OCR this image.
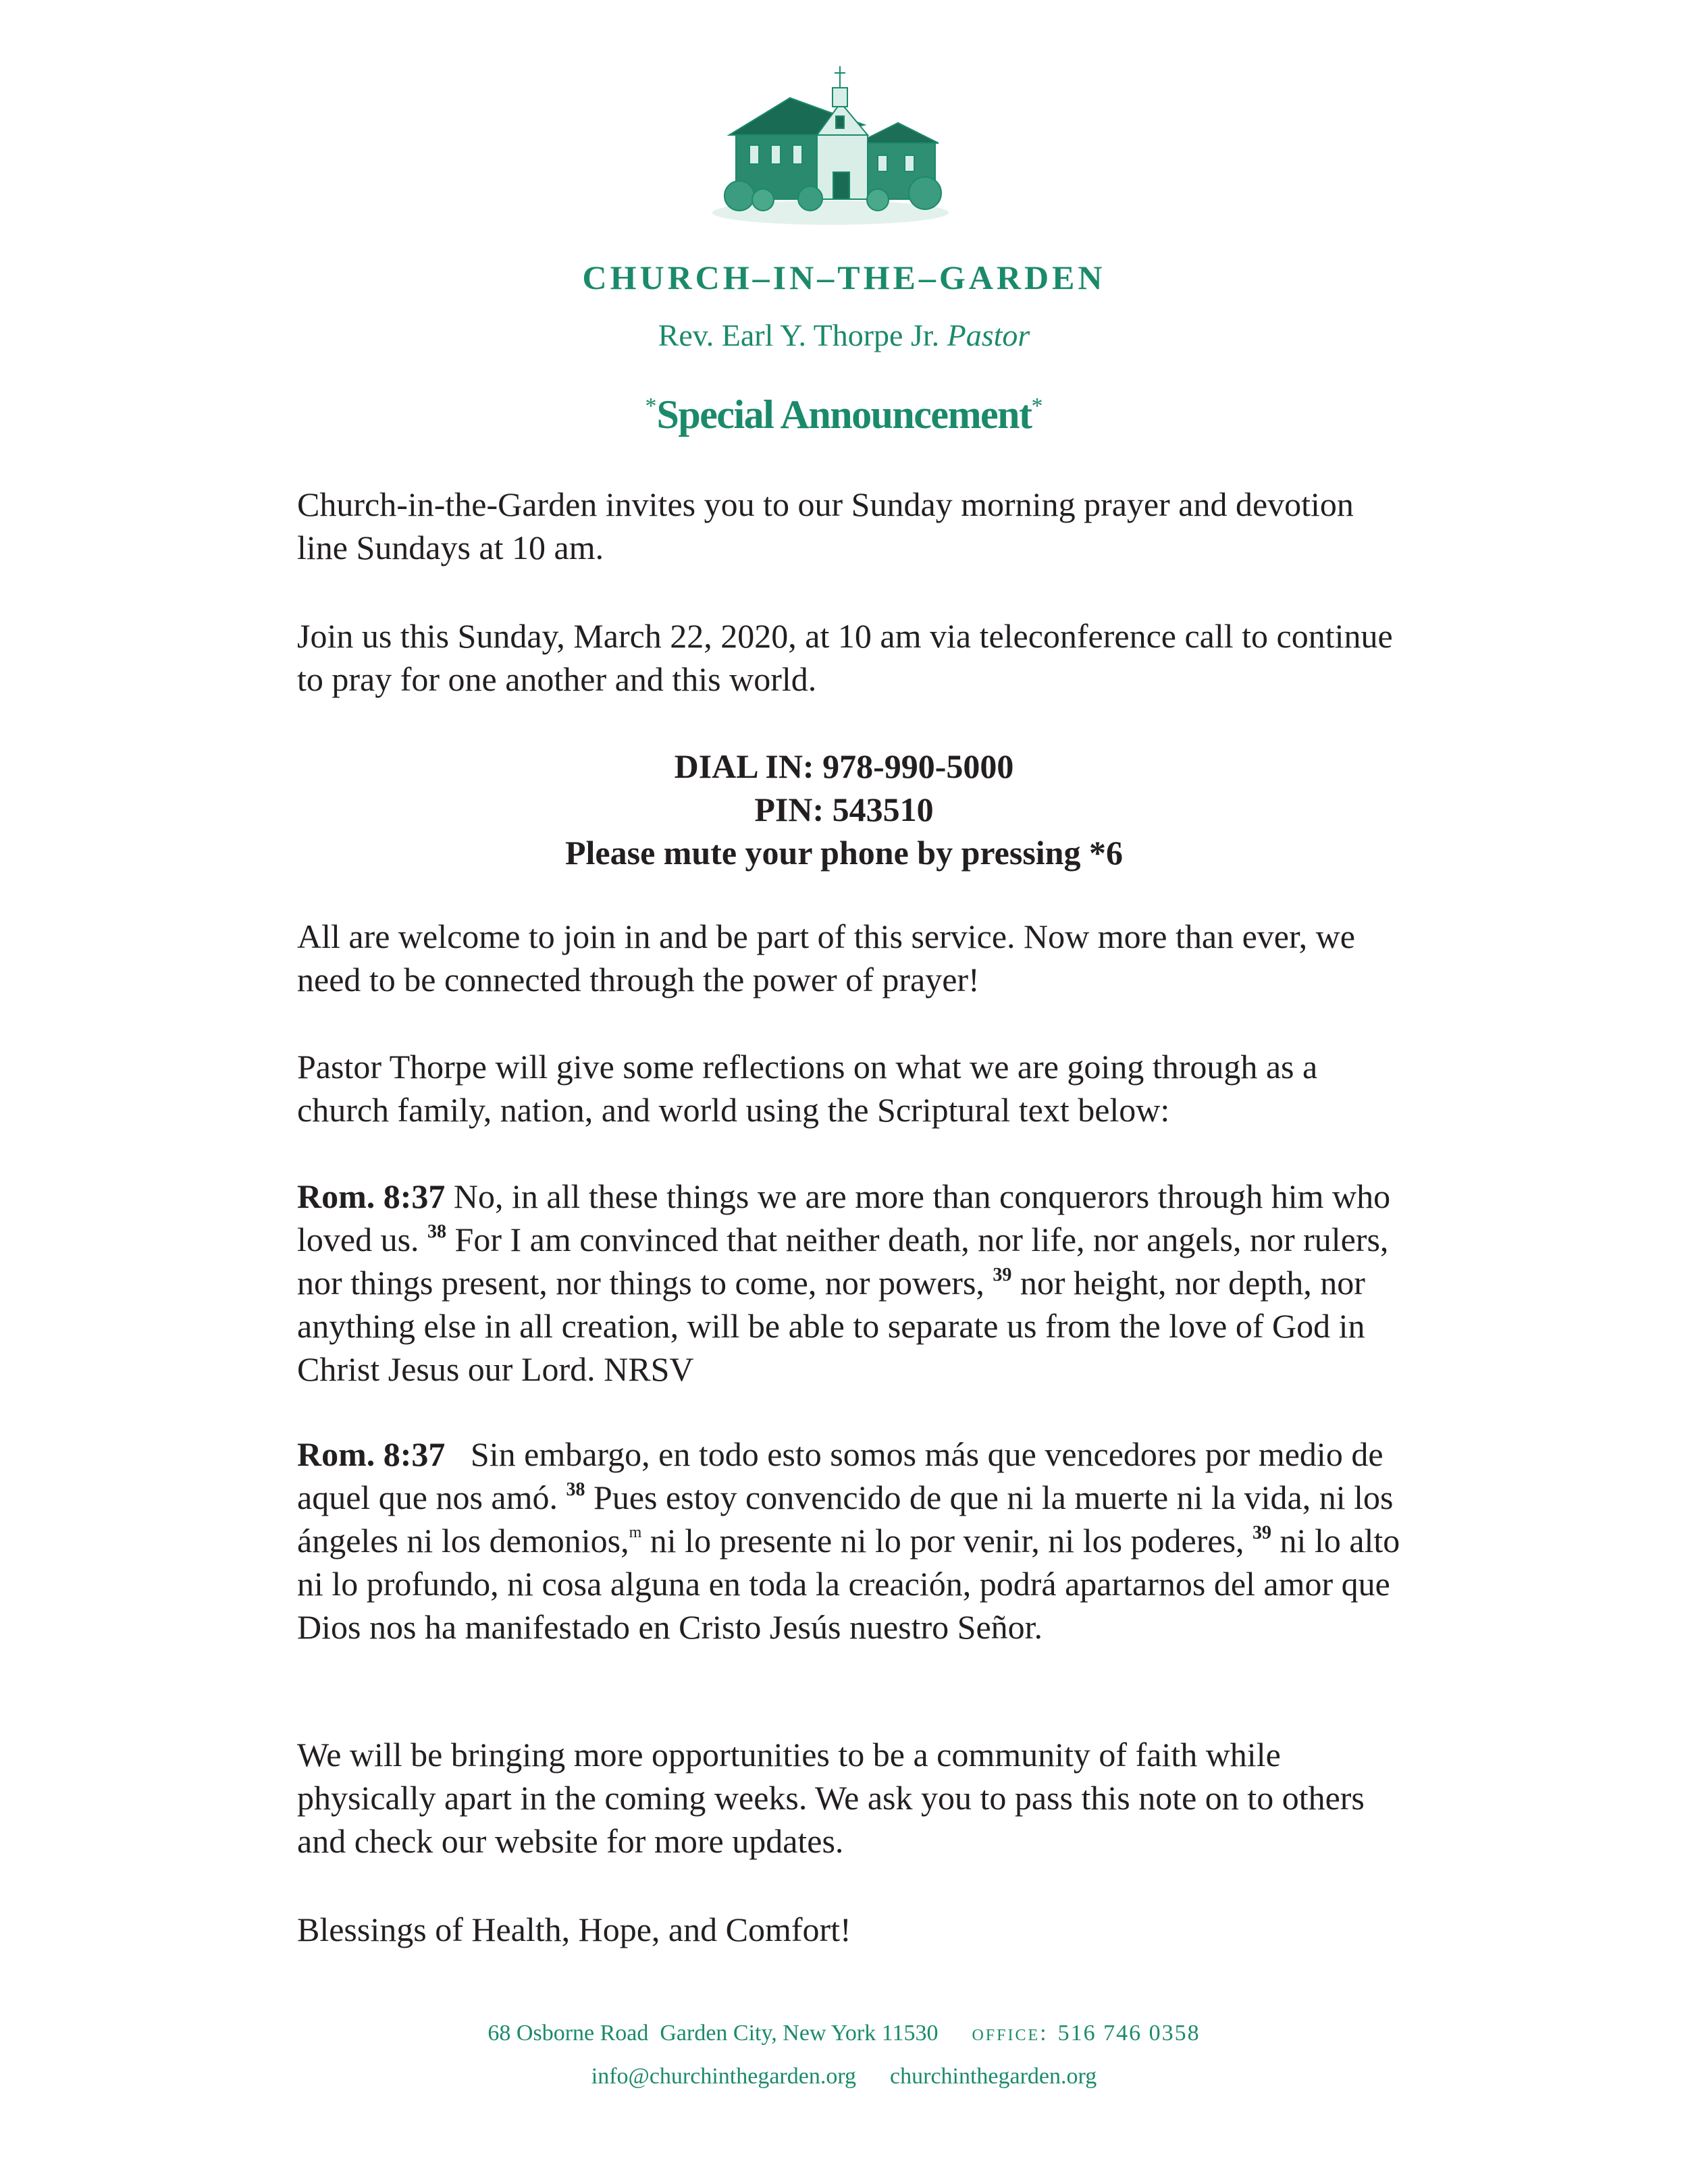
CHURCH–IN–THE–GARDEN
Rev. Earl Y. Thorpe Jr. Pastor
*Special Announcement*

Church-in-the-Garden invites you to our Sunday morning prayer and devotion line Sundays at 10 am.

Join us this Sunday, March 22, 2020, at 10 am via teleconference call to continue to pray for one another and this world.

DIAL IN: 978-990-5000
PIN: 543510
Please mute your phone by pressing *6

All are welcome to join in and be part of this service. Now more than ever, we need to be connected through the power of prayer!

Pastor Thorpe will give some reflections on what we are going through as a church family, nation, and world using the Scriptural text below:

Rom. 8:37 No, in all these things we are more than conquerors through him who loved us. $^{38}$ For I am convinced that neither death, nor life, nor angels, nor rulers, nor things present, nor things to come, nor powers, $^{39}$ nor height, nor depth, nor anything else in all creation, will be able to separate us from the love of God in Christ Jesus our Lord. NRSV

Rom. 8:37   Sin embargo, en todo esto somos más que vencedores por medio de aquel que nos amó. $^{38}$ Pues estoy convencido de que ni la muerte ni la vida, ni los ángeles ni los demonios,$^m$ ni lo presente ni lo por venir, ni los poderes, $^{39}$ ni lo alto ni lo profundo, ni cosa alguna en toda la creación, podrá apartarnos del amor que Dios nos ha manifestado en Cristo Jesús nuestro Señor.

We will be bringing more opportunities to be a community of faith while physically apart in the coming weeks. We ask you to pass this note on to others and check our website for more updates.

Blessings of Health, Hope, and Comfort!

68 Osborne Road  Garden City, New York 11530 office: 516 746 0358
info@churchinthegarden.org churchinthegarden.org
